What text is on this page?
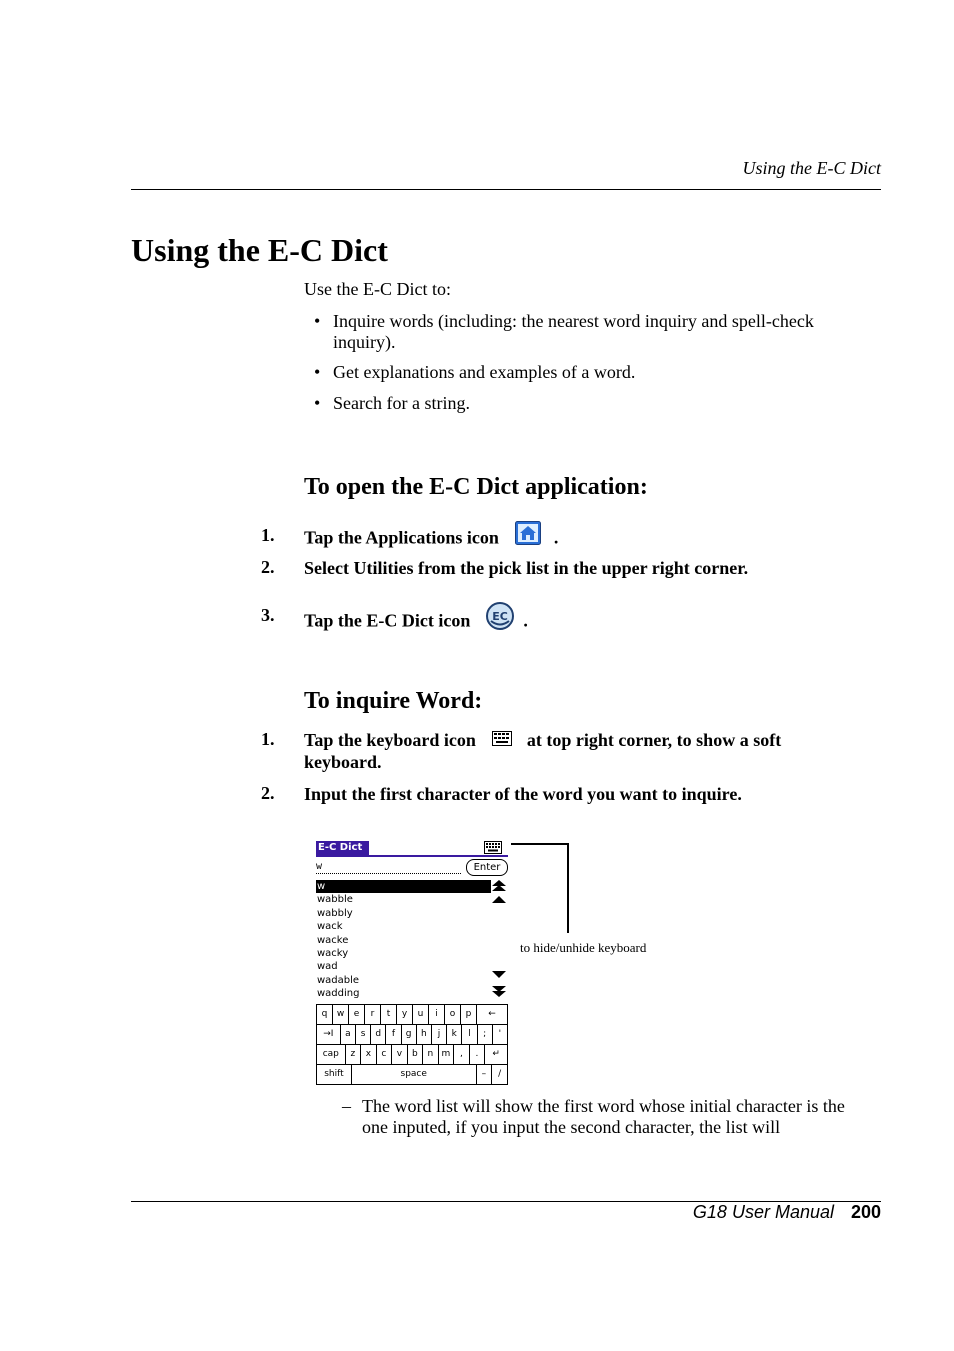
Using the E-C Dict
Using the E-C Dict
Use the E-C Dict to:
• Inquire words (including: the nearest word inquiry and spell-check inquiry).
• Get explanations and examples of a word.
• Search for a string.
To open the E-C Dict application:
1. Tap the Applications icon	.
2. Select Utilities from the pick list in the upper right corner.
3. Tap the E-C Dict icon EC .
To inquire Word:
1. Tap the keyboard icon	at top right corner, to show a soft
keyboard.
2. Input the first character of the word you want to inquire.
E-C Dict
w	Enter
w
wabble
wabbly
wack
wacke
wacky
wad
wadable
wadding
q	w	e	r	t	y	u	i	o	p	←
→I	a	s	d	f	g	h	j	k	l	;	'
cap	z	x	c	v	b	n m	,	.	↵
shift	space	–	/
to hide/unhide keyboard
– The word list will show the first word whose initial character is the one inputed, if you input the second character, the list will
G18 User Manual 200
